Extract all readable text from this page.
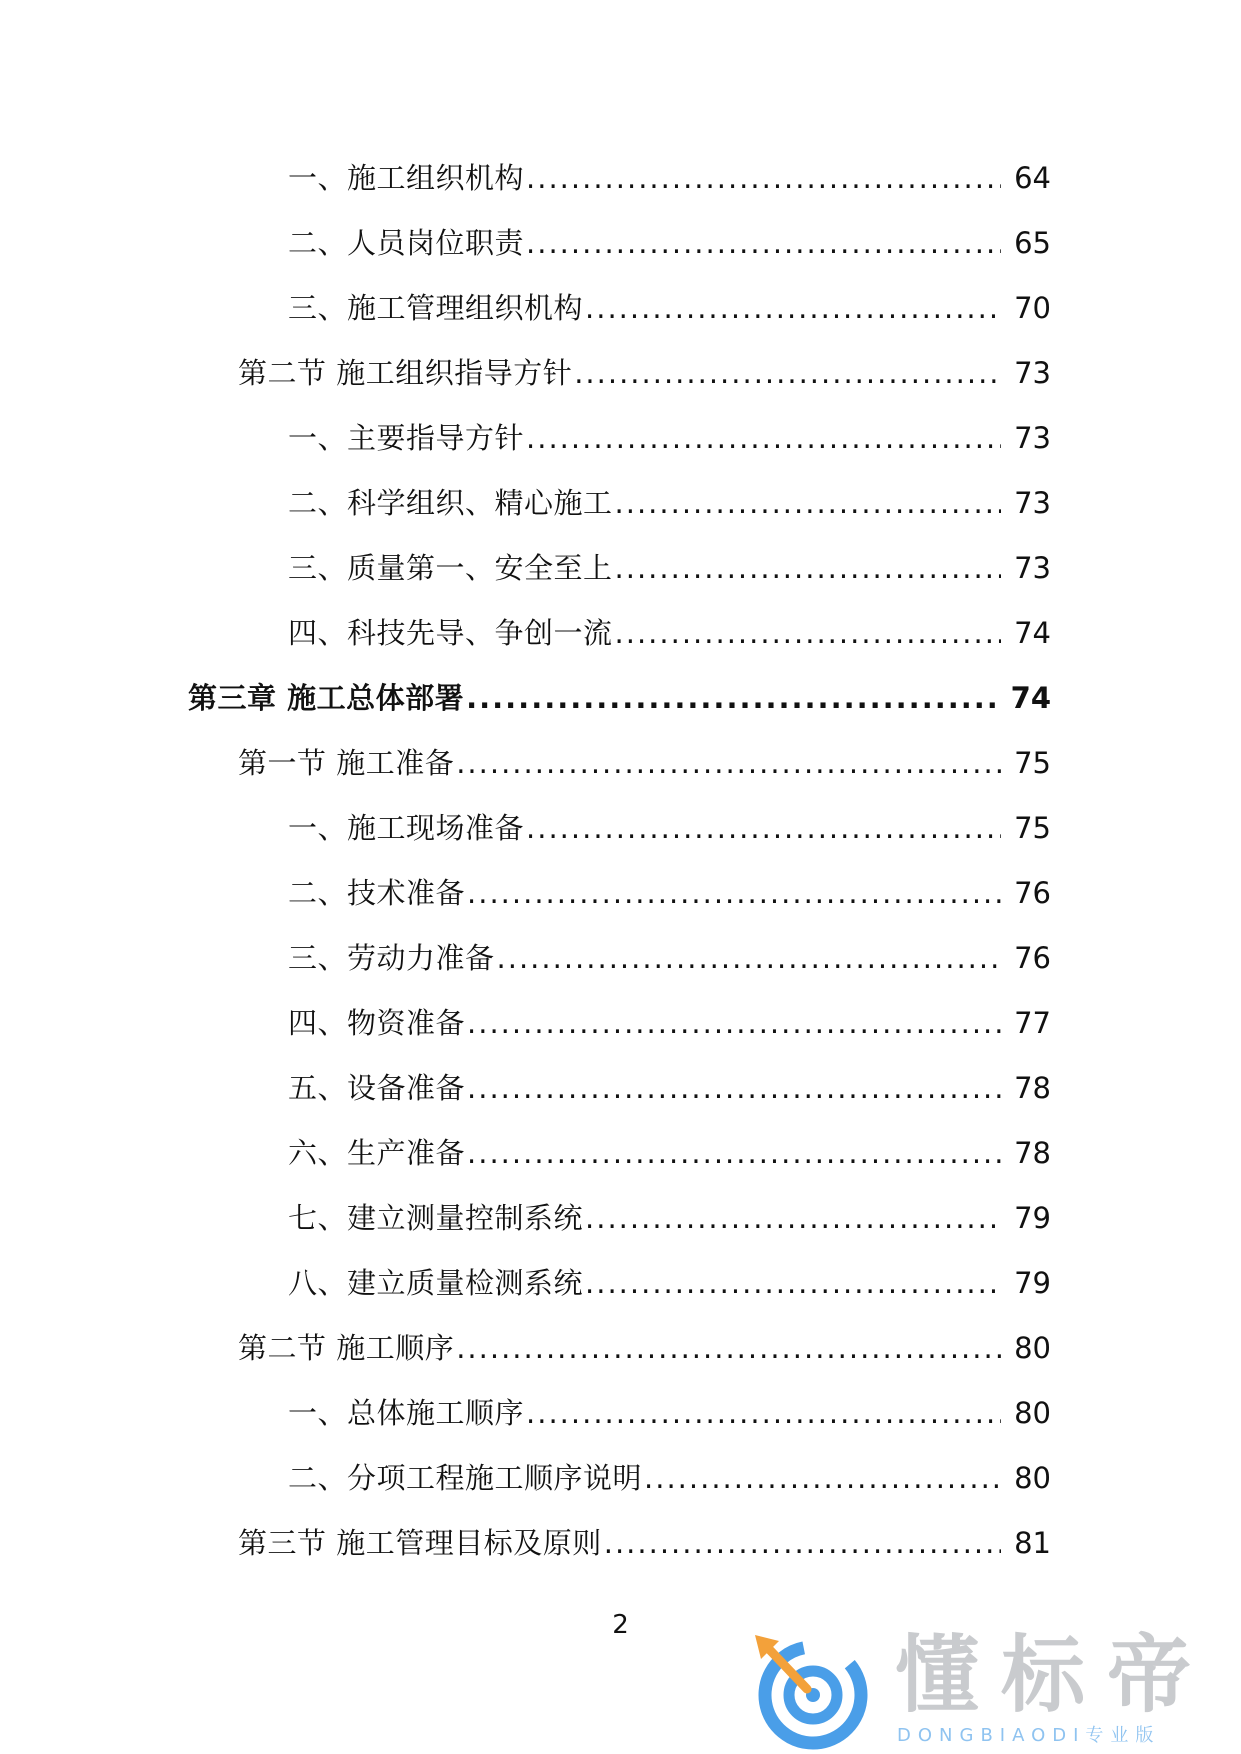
一、施工组织机构 .....	64
二、人员岗位职责 .....	65
三、施工管理组织机构 .....	70
第二节 施工组织指导方针 .....	73
一、主要指导方针 .....	73
二、科学组织、精心施工 .....	73
三、质量第一、安全至上 .....	73
四、科技先导、争创一流 .....	74
第三章 施工总体部署 .....	74
第一节 施工准备 .....	75
一、施工现场准备 .....	75
二、技术准备 .....	76
三、劳动力准备 .....	76
四、物资准备 .....	77
五、设备准备 .....	78
六、生产准备 .....	78
七、建立测量控制系统 .....	79
八、建立质量检测系统 .....	79
第二节 施工顺序 .....	80
一、总体施工顺序 .....	80
二、分项工程施工顺序说明 .....	80
第三节 施工管理目标及原则 .....	81
2
懂标帝
DONGBIAODI专业版
